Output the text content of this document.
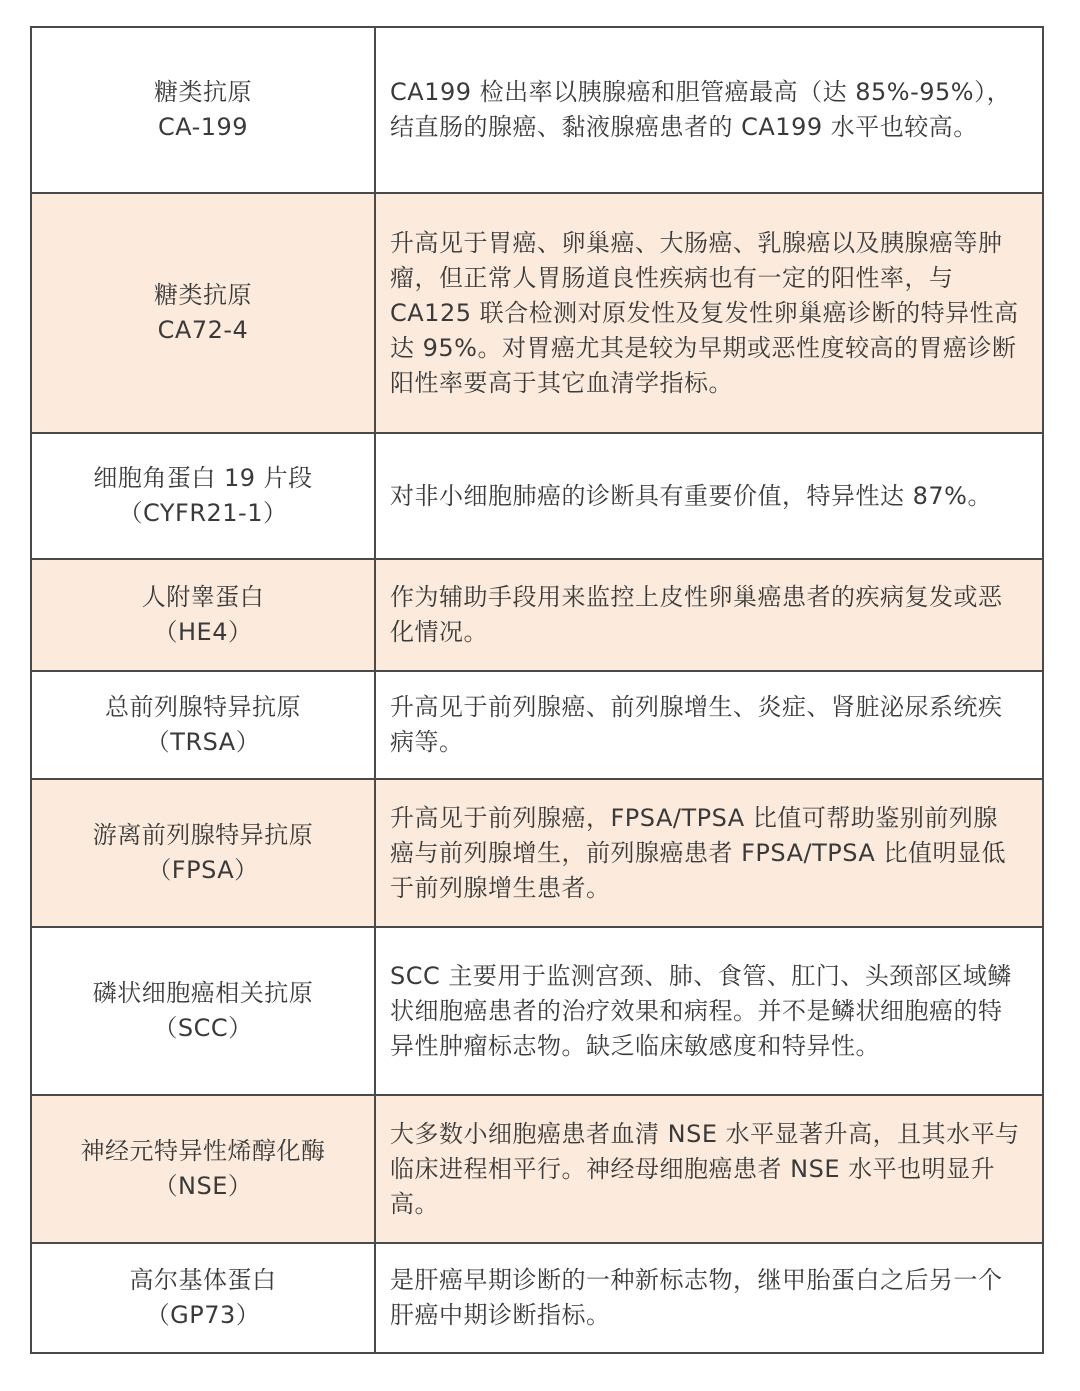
糖类抗原
CA-199	CA199 检出率以胰腺癌和胆管癌最高（达 85%-95%），结直肠的腺癌、黏液腺癌患者的 CA199 水平也较高。

糖类抗原
CA72-4	升高见于胃癌、卵巢癌、大肠癌、乳腺癌以及胰腺癌等肿瘤，但正常人胃肠道良性疾病也有一定的阳性率，与 CA125 联合检测对原发性及复发性卵巢癌诊断的特异性高达 95%。对胃癌尤其是较为早期或恶性度较高的胃癌诊断阳性率要高于其它血清学指标。

细胞角蛋白 19 片段
（CYFR21-1）	对非小细胞肺癌的诊断具有重要价值，特异性达 87%。

人附睾蛋白
（HE4）	作为辅助手段用来监控上皮性卵巢癌患者的疾病复发或恶化情况。

总前列腺特异抗原
（TRSA）	升高见于前列腺癌、前列腺增生、炎症、肾脏泌尿系统疾病等。

游离前列腺特异抗原
（FPSA）	升高见于前列腺癌，FPSA/TPSA 比值可帮助鉴别前列腺癌与前列腺增生，前列腺癌患者 FPSA/TPSA 比值明显低于前列腺增生患者。

磷状细胞癌相关抗原
（SCC）	SCC 主要用于监测宫颈、肺、食管、肛门、头颈部区域鳞状细胞癌患者的治疗效果和病程。并不是鳞状细胞癌的特异性肿瘤标志物。缺乏临床敏感度和特异性。

神经元特异性烯醇化酶
（NSE）	大多数小细胞癌患者血清 NSE 水平显著升高，且其水平与临床进程相平行。神经母细胞癌患者 NSE 水平也明显升高。

高尔基体蛋白
（GP73）	是肝癌早期诊断的一种新标志物，继甲胎蛋白之后另一个肝癌中期诊断指标。
